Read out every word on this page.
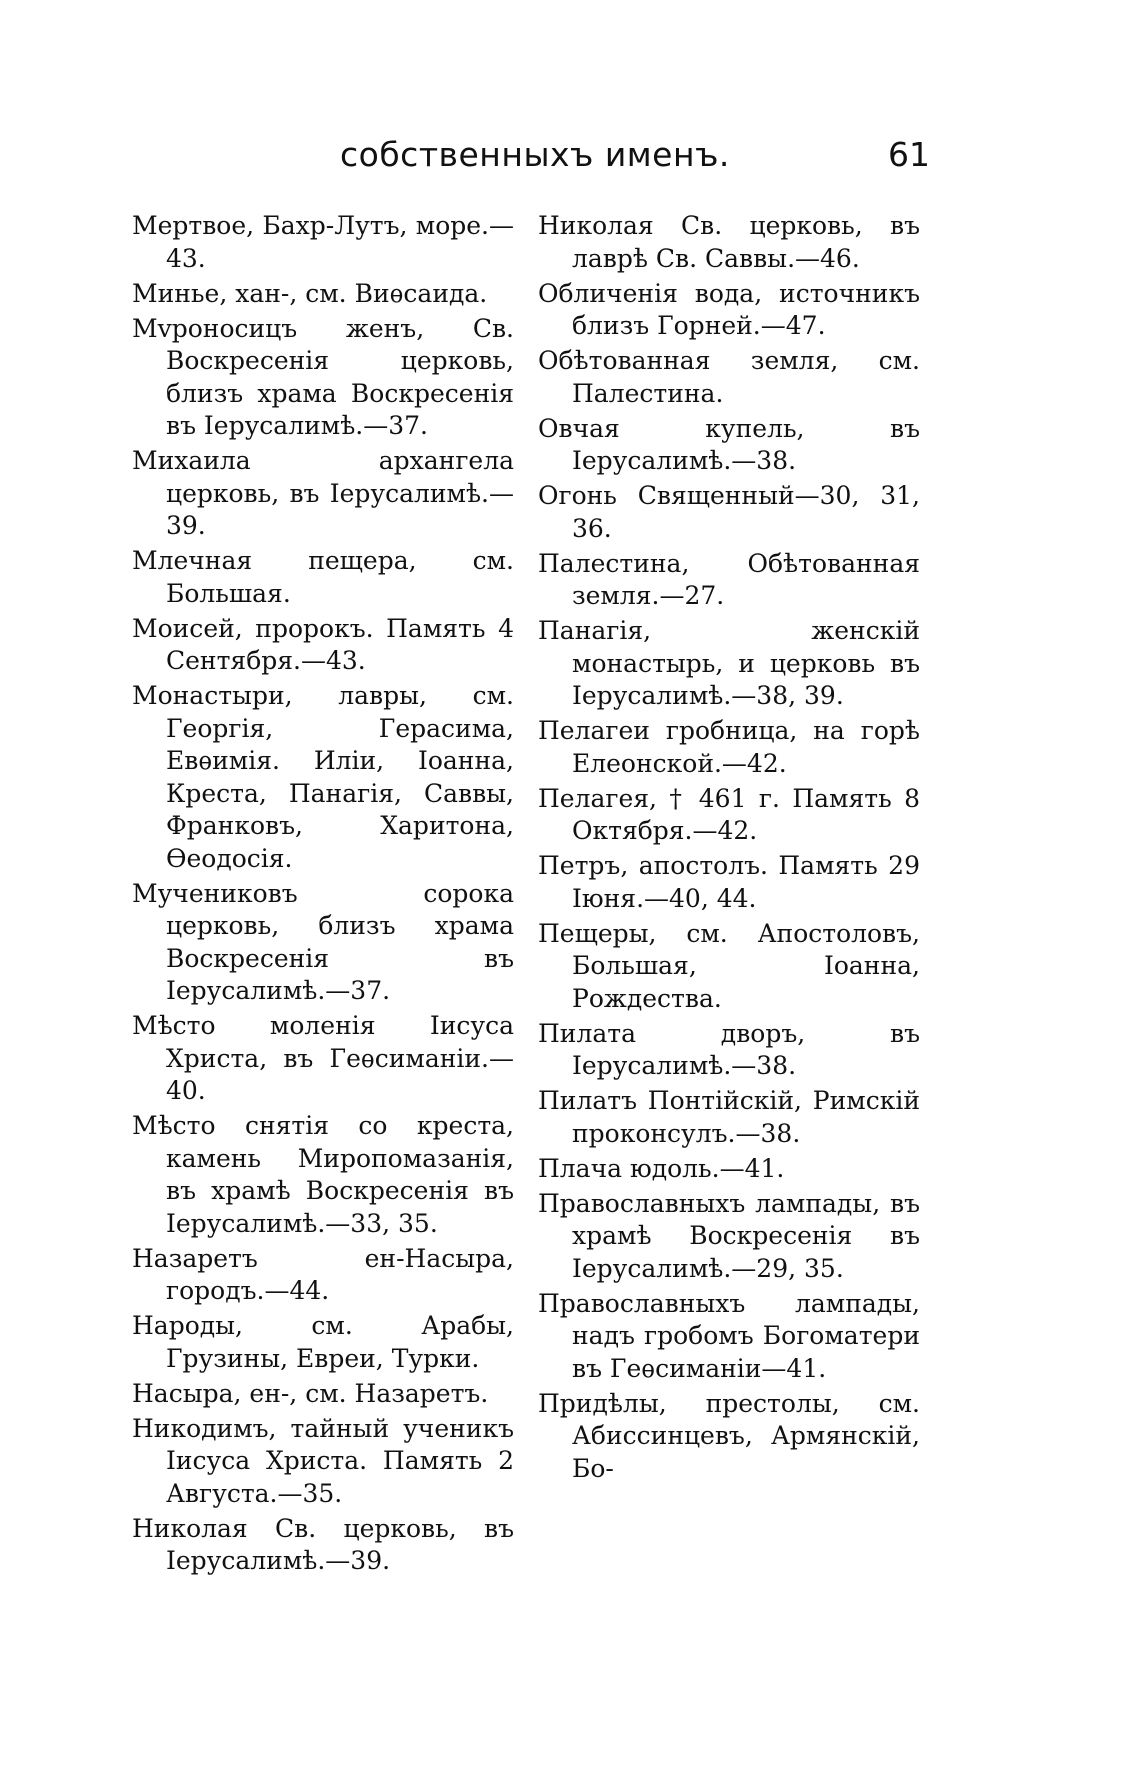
собственныхъ именъ.	61

Мертвое, Бахр-Лутъ, море.—43.

Миньe, хан-, см. Виѳсаида.

Мvроносицъ женъ, Св. Воскресенія церковь, близъ храма Воскресенія въ Іерусалимѣ.—37.

Михаила архангела церковь, въ Іерусалимѣ.—39.

Млечная пещера, см. Большая.

Моисей, пророкъ. Память 4 Сентября.—43.

Монастыри, лавры, см. Георгія, Герасима, Евѳимія. Иліи, Іоанна, Креста, Панагія, Саввы, Франковъ, Харитона, Ѳеодосія.

Мучениковъ сорока церковь, близъ храма Воскресенія въ Іерусалимѣ.—37.

Мѣсто моленія Іисуса Христа, въ Геѳсиманіи.—40.

Мѣсто снятія со креста, камень Миропомазанія, въ храмѣ Воскресенія въ Іерусалимѣ.—33, 35.

Назаретъ ен-Насыра, городъ.—44.

Народы, см. Арабы, Грузины, Евреи, Турки.

Насыра, ен-, см. Назаретъ.

Никодимъ, тайный ученикъ Іисуса Христа. Память 2 Августа.—35.

Николая Св. церковь, въ Іерусалимѣ.—39.

Николая Св. церковь, въ лаврѣ Св. Саввы.—46.

Обличенія вода, источникъ близъ Горней.—47.

Обѣтованная земля, см. Палестина.

Овчая купель, въ Іерусалимѣ.—38.

Огонь Священный—30, 31, 36.

Палестина, Обѣтованная земля.—27.

Панагія, женскій монастырь, и церковь въ Іерусалимѣ.—38, 39.

Пелагеи гробница, на горѣ Елеонской.—42.

Пелагея, † 461 г. Память 8 Октября.—42.

Петръ, апостолъ. Память 29 Іюня.—40, 44.

Пещеры, см. Апостоловъ, Большая, Іоанна, Рождества.

Пилата дворъ, въ Іерусалимѣ.—38.

Пилатъ Понтійскій, Римскій проконсулъ.—38.

Плача юдоль.—41.

Православныхъ лампады, въ храмѣ Воскресенія въ Іерусалимѣ.—29, 35.

Православныхъ лампады, надъ гробомъ Богоматери въ Геѳсиманіи—41.

Придѣлы, престолы, см. Абиссинцевъ, Армянскій, Бо-
